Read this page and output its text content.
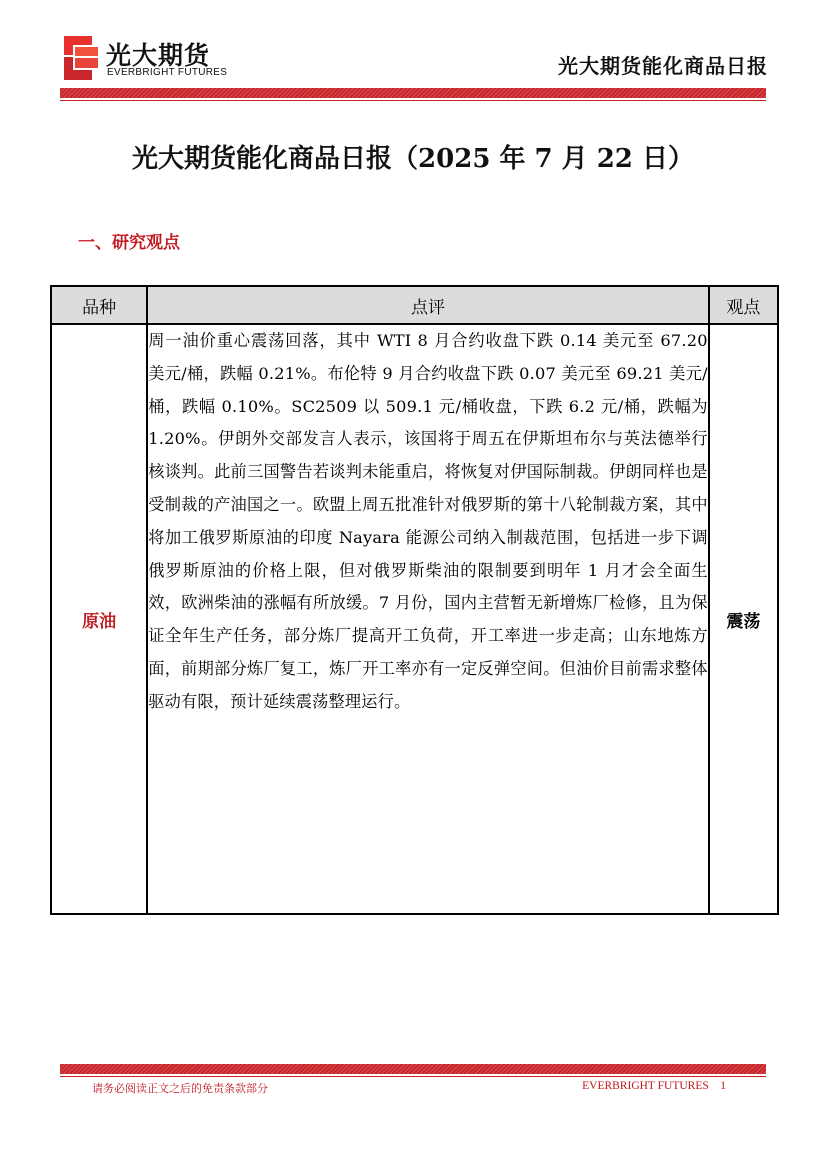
光大期货
EVERBRIGHT FUTURES	光大期货能化商品日报
光大期货能化商品日报（2025 年 7 月 22 日）
一、研究观点
品种	点评	观点
原油	周一油价重心震荡回落，其中 WTI 8 月合约收盘下跌 0.14 美元至 67.20 美元/桶，跌幅 0.21%。布伦特 9 月合约收盘下跌 0.07 美元至 69.21 美元/桶，跌幅 0.10%。SC2509 以 509.1 元/桶收盘，下跌 6.2 元/桶，跌幅为 1.20%。伊朗外交部发言人表示，该国将于周五在伊斯坦布尔与英法德举行核谈判。此前三国警告若谈判未能重启，将恢复对伊国际制裁。伊朗同样也是受制裁的产油国之一。欧盟上周五批准针对俄罗斯的第十八轮制裁方案，其中将加工俄罗斯原油的印度 Nayara 能源公司纳入制裁范围，包括进一步下调俄罗斯原油的价格上限，但对俄罗斯柴油的限制要到明年 1 月才会全面生效，欧洲柴油的涨幅有所放缓。7 月份，国内主营暂无新增炼厂检修，且为保证全年生产任务，部分炼厂提高开工负荷，开工率进一步走高；山东地炼方面，前期部分炼厂复工，炼厂开工率亦有一定反弹空间。但油价目前需求整体驱动有限，预计延续震荡整理运行。	震荡
请务必阅读正文之后的免责条款部分	EVERBRIGHT FUTURES 1
